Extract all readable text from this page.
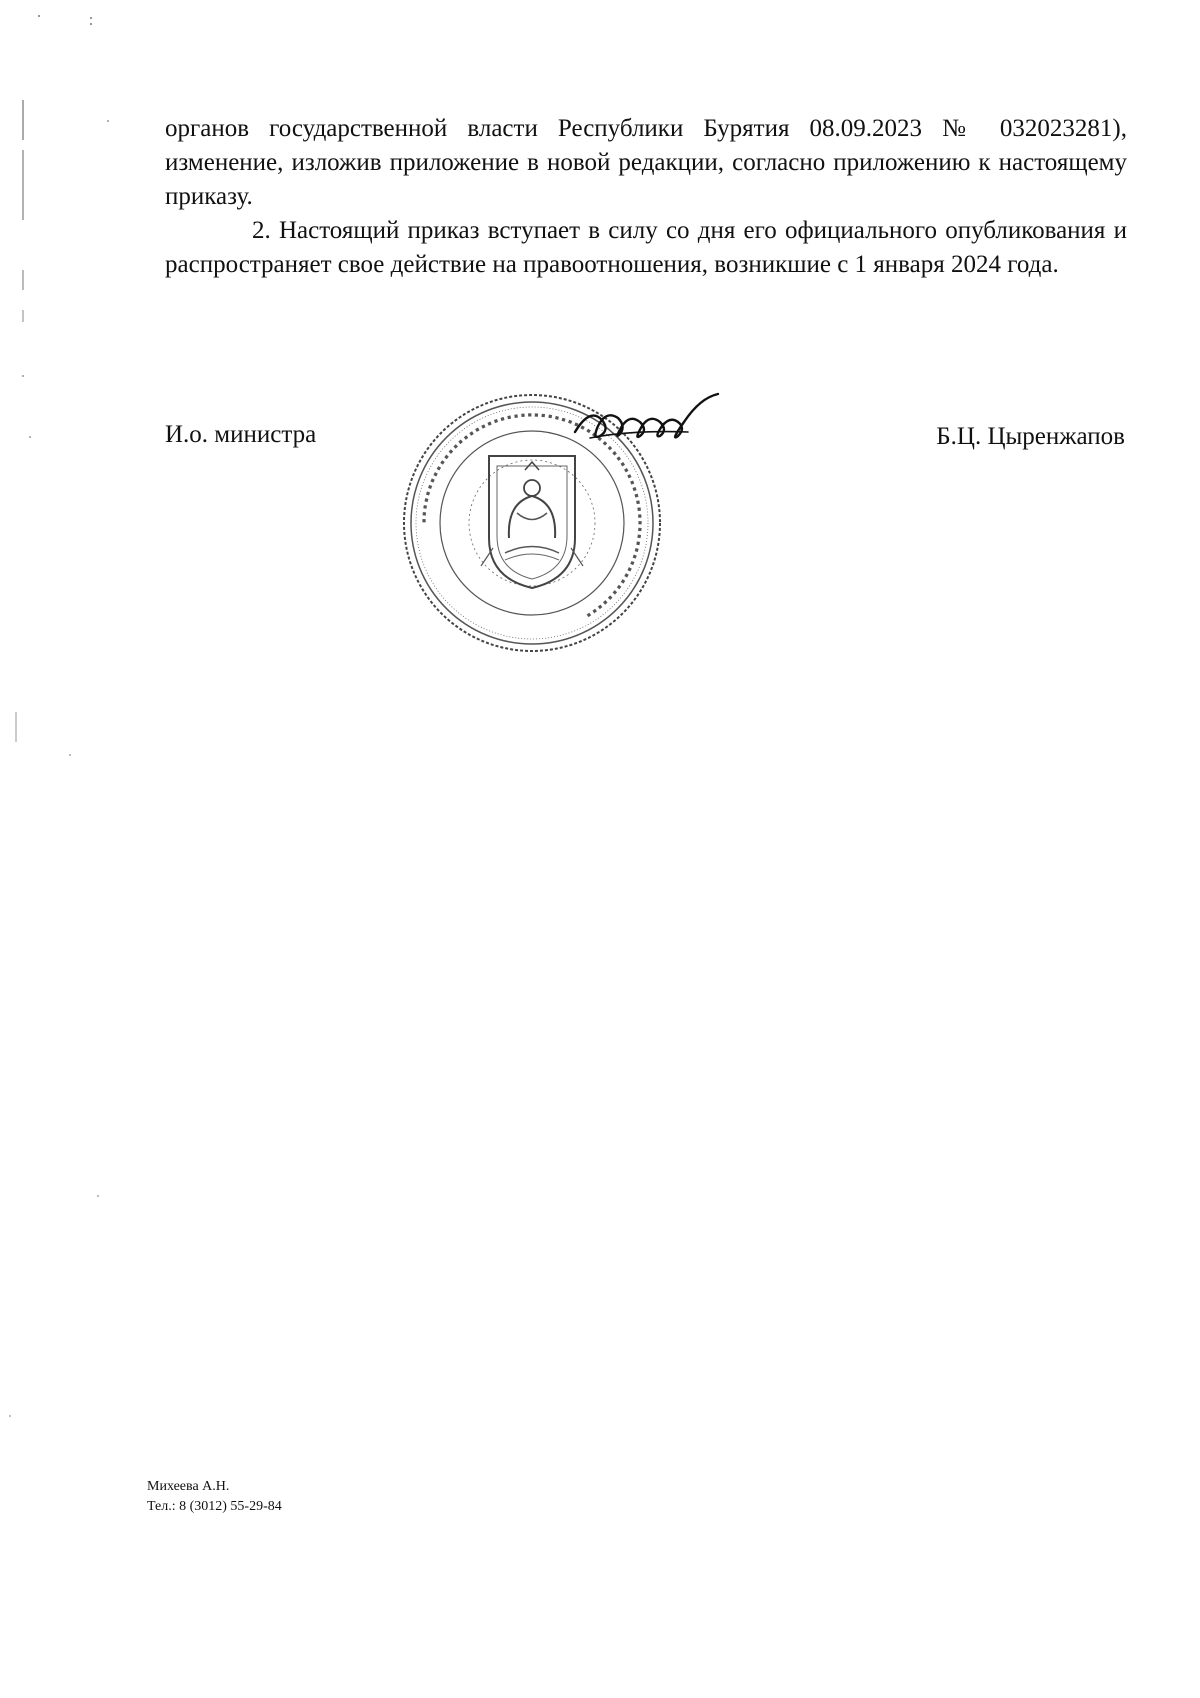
органов государственной власти Республики Бурятия 08.09.2023 № 032023281), изменение, изложив приложение в новой редакции, согласно приложению к настоящему приказу.

2. Настоящий приказ вступает в силу со дня его официального опубликования и распространяет свое действие на правоотношения, возникшие с 1 января 2024 года.

И.о. министра
▪▪▪▪▪▪▪▪▪▪▪▪▪▪▪▪▪▪▪▪▪▪▪▪▪▪▪▪▪▪▪▪▪▪▪▪▪▪▪▪▪▪▪▪▪▪▪▪▪▪▪▪▪▪▪▪▪▪▪▪▪▪▪▪▪▪
Б.Ц. Цыренжапов
Михеева А.Н.
Тел.: 8 (3012) 55-29-84
